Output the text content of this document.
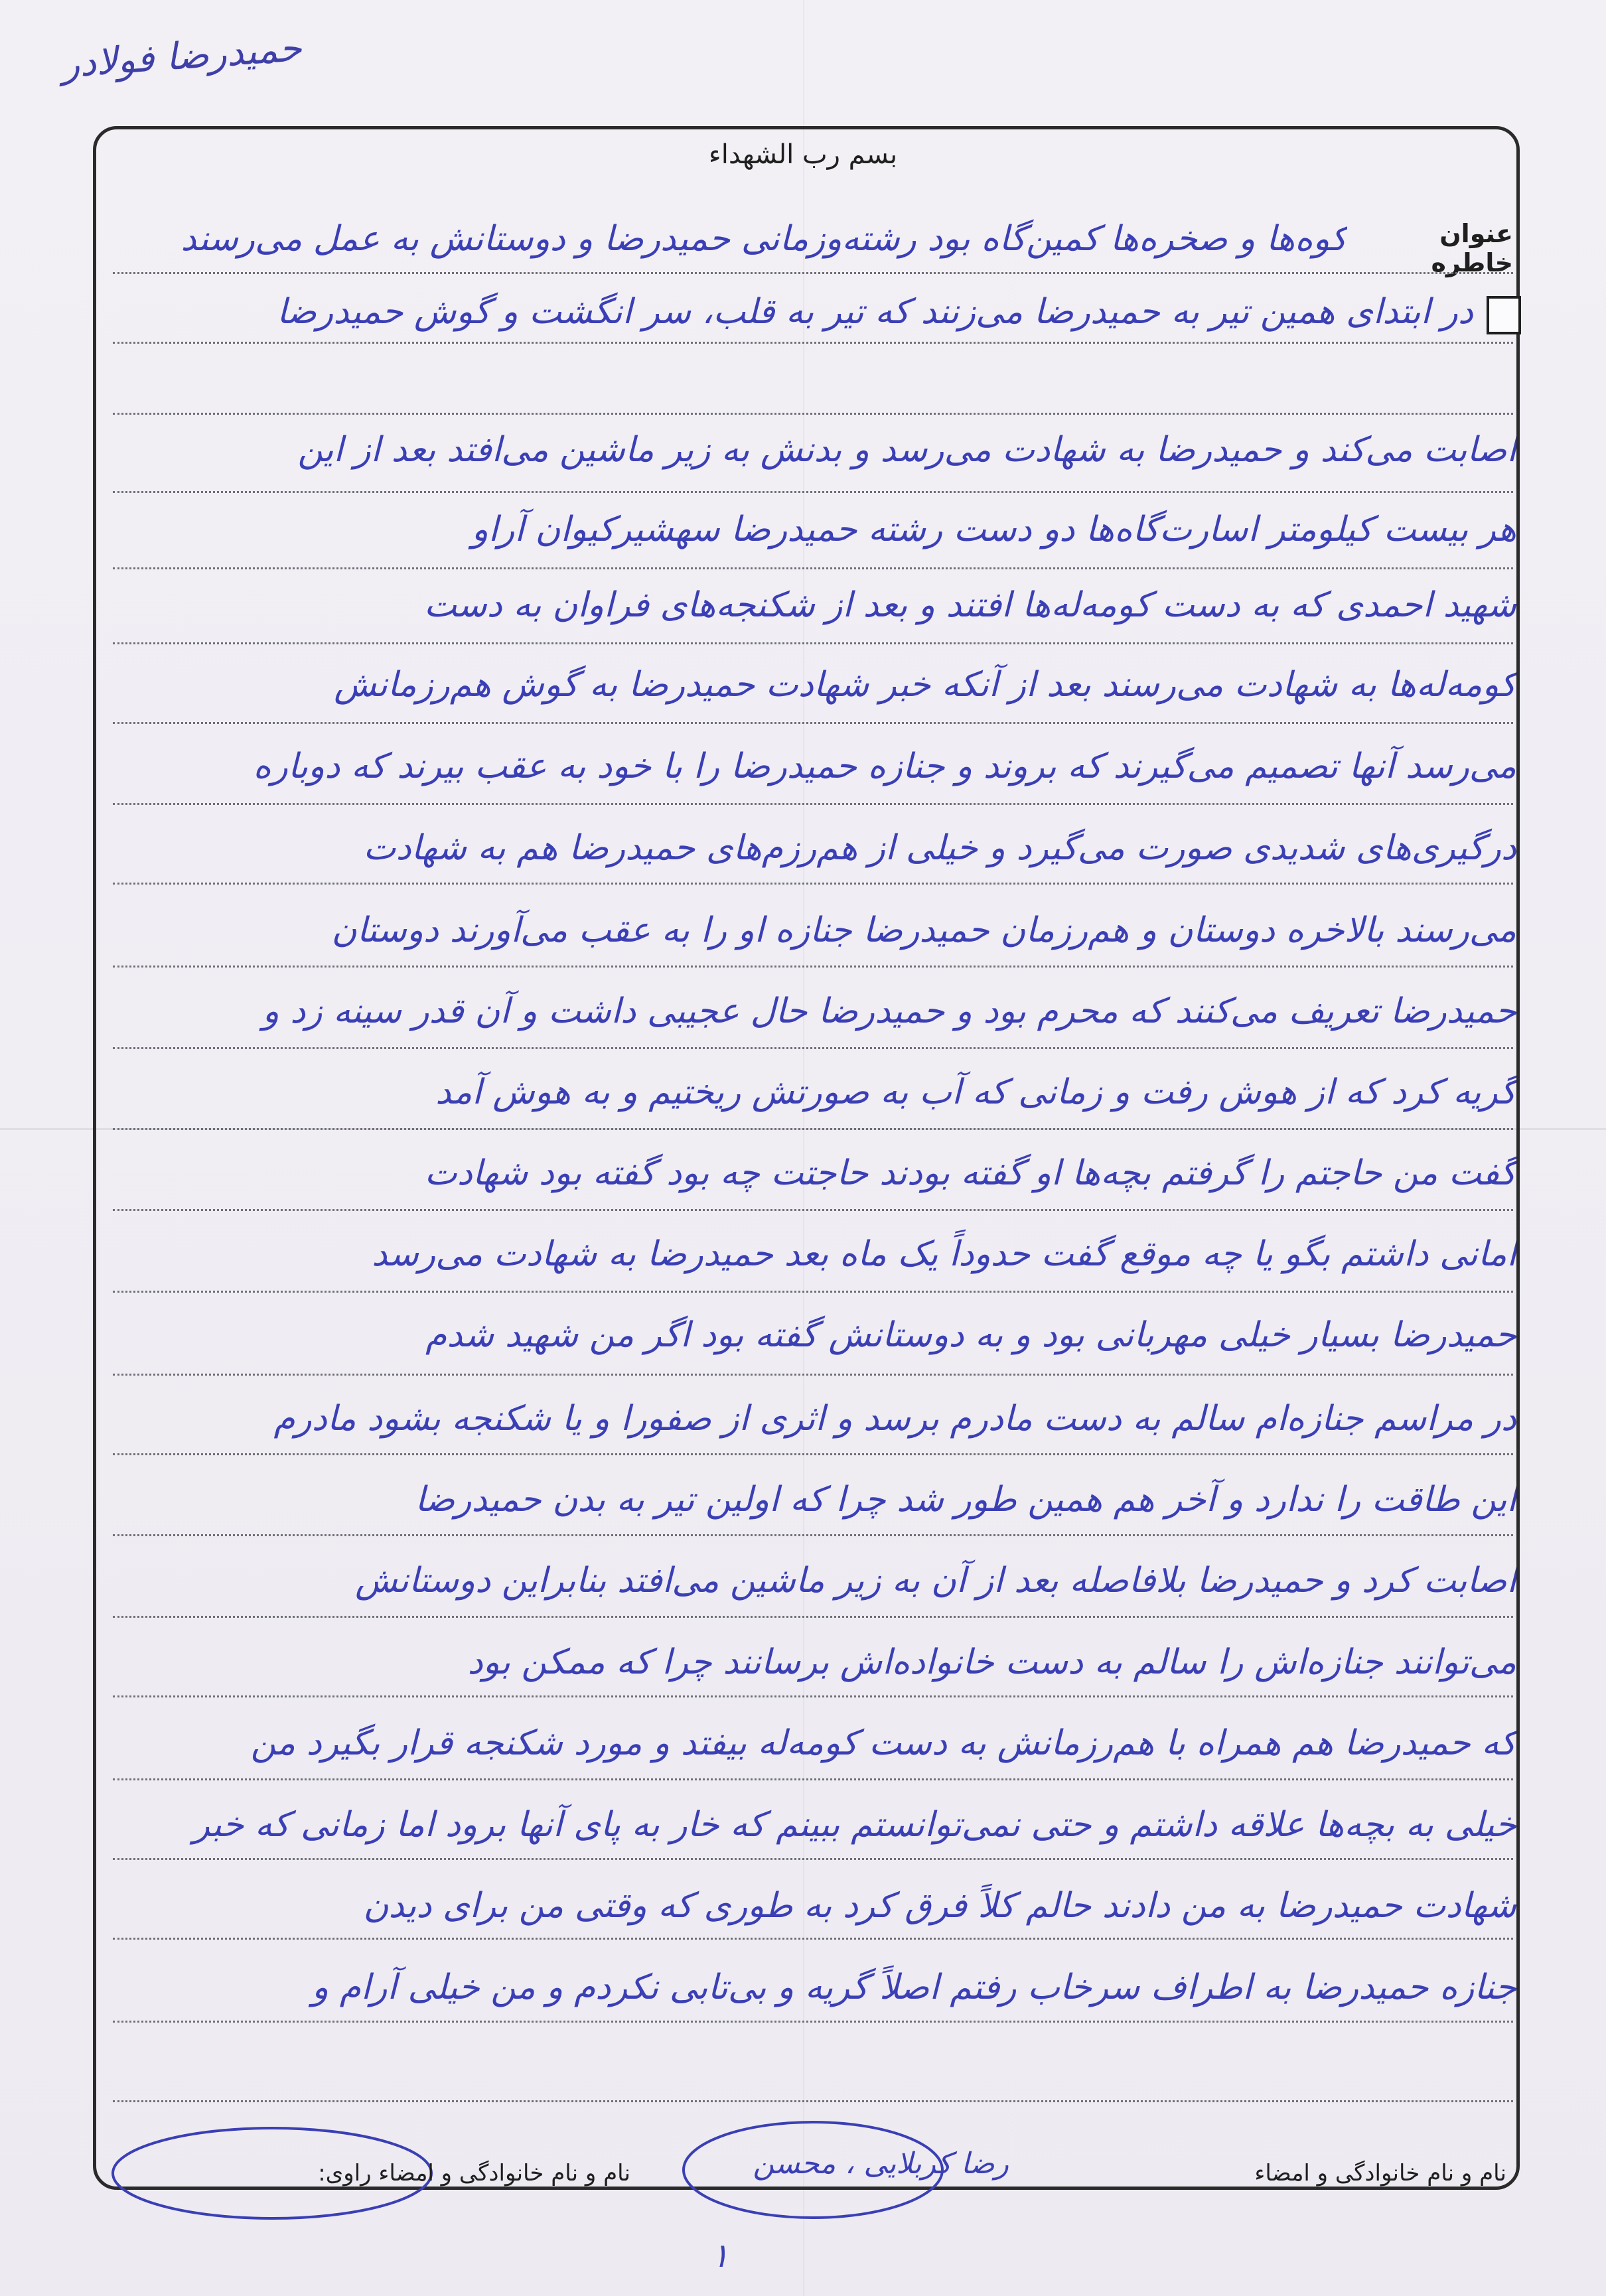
حمیدرضا فولادر
بسم رب الشهداء
عنوان خاطره
کوه‌ها و صخره‌ها کمین‌گاه بود رشته‌و‌زمانی حمیدرضا و دوستانش به عمل می‌رسند
در ابتدای همین تیر به حمیدرضا می‌زنند که تیر به قلب، سر انگشت و گوش حمیدرضا
اصابت می‌کند و حمیدرضا به شهادت می‌رسد و بدنش به زیر ماشین می‌افتد بعد از این
هر بیست کیلومتر اسارت‌گاه‌ها دو دست رشته حمیدرضا سهشیرکیوان آراو
شهید احمدی که به دست کومه‌له‌ها افتند و بعد از شکنجه‌های فراوان به دست
کومه‌له‌ها به شهادت می‌رسند بعد از آنکه خبر شهادت حمیدرضا به گوش هم‌رزمانش
می‌رسد آنها تصمیم می‌گیرند که بروند و جنازه حمیدرضا را با خود به عقب بیرند که دوباره
درگیری‌های شدیدی صورت می‌گیرد و خیلی از هم‌رزم‌های حمیدرضا هم به شهادت
می‌رسند بالاخره دوستان و هم‌رزمان حمیدرضا جنازه او را به عقب می‌آورند دوستان
حمیدرضا تعریف می‌کنند که محرم بود و حمیدرضا حال عجیبی داشت و آن قدر سینه زد و
گریه کرد که از هوش رفت و زمانی که آب به صورتش ریختیم و به هوش آمد
گفت من حاجتم را گرفتم بچه‌ها او گفته بودند حاجتت چه بود گفته بود شهادت
امانی داشتم بگو یا چه موقع گفت حدوداً یک ماه بعد حمیدرضا به شهادت می‌رسد
حمیدرضا بسیار خیلی مهربانی بود و به دوستانش گفته بود اگر من شهید شدم
در مراسم جنازه‌ام سالم به دست مادرم برسد و اثری از صفورا و یا شکنجه بشود مادرم
این طاقت را ندارد و آخر هم همین طور شد چرا که اولین تیر به بدن حمیدرضا
اصابت کرد و حمیدرضا بلافاصله بعد از آن به زیر ماشین می‌افتد بنابراین دوستانش
می‌توانند جنازه‌اش را سالم به دست خانواده‌اش برسانند چرا که ممکن بود
که حمیدرضا هم همراه با هم‌رزمانش به دست کومه‌له بیفتد و مورد شکنجه قرار بگیرد من
خیلی به بچه‌ها علاقه داشتم و حتی نمی‌توانستم ببینم که خار به پای آنها برود اما زمانی که خبر
شهادت حمیدرضا به من دادند حالم کلاً فرق کرد به طوری که وقتی من برای دیدن
جنازه حمیدرضا به اطراف سرخاب رفتم اصلاً گریه و بی‌تابی نکردم و من خیلی آرام و
نام و نام خانوادگی و امضاء راوی:	رضا کربلایی ، محسن	نام و نام خانوادگی و امضاء
۱
